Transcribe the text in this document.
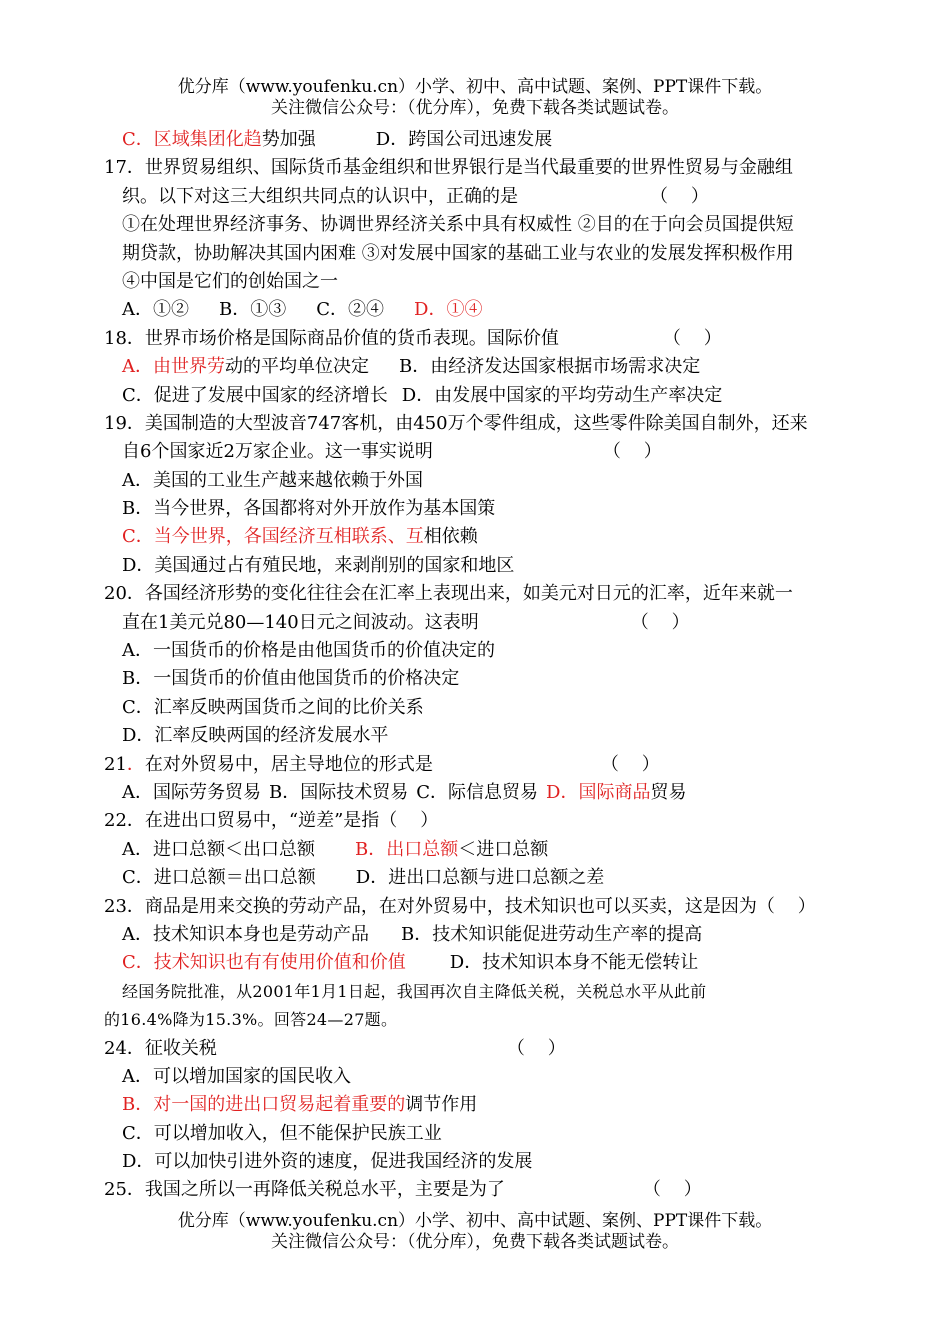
优分库（www.youfenku.cn）小学、初中、高中试题、案例、PPT课件下载。
关注微信公众号：（优分库），免费下载各类试题试卷。
C．区域集团化趋势加强	D．跨国公司迅速发展
17．世界贸易组织、国际货币基金组织和世界银行是当代最重要的世界性贸易与金融组
织。以下对这三大组织共同点的认识中，正确的是	（    ）
①在处理世界经济事务、协调世界经济关系中具有权威性 ②目的在于向会员国提供短
期贷款，协助解决其国内困难 ③对发展中国家的基础工业与农业的发展发挥积极作用
④中国是它们的创始国之一
A．①② B．①③ C．②④ D．①④
18．世界市场价格是国际商品价值的货币表现。国际价值	（    ）
A．由世界劳动的平均单位决定 B．由经济发达国家根据市场需求决定
C．促进了发展中国家的经济增长 D．由发展中国家的平均劳动生产率决定
19．美国制造的大型波音747客机，由450万个零件组成，这些零件除美国自制外，还来
自6个国家近2万家企业。这一事实说明	（    ）
A．美国的工业生产越来越依赖于外国
B．当今世界，各国都将对外开放作为基本国策
C．当今世界，各国经济互相联系、互相依赖
D．美国通过占有殖民地，来剥削别的国家和地区
20．各国经济形势的变化往往会在汇率上表现出来，如美元对日元的汇率，近年来就一
直在1美元兑80—140日元之间波动。这表明	（    ）
A．一国货币的价格是由他国货币的价值决定的
B．一国货币的价值由他国货币的价格决定
C．汇率反映两国货币之间的比价关系
D．汇率反映两国的经济发展水平
21．在对外贸易中，居主导地位的形式是	（    ）
A．国际劳务贸易 B．国际技术贸易 C．际信息贸易 D．国际商品贸易
22．在进出口贸易中，“逆差”是指（    ）
A．进口总额＜出口总额 B．出口总额＜进口总额
C．进口总额＝出口总额 D．进出口总额与进口总额之差
23．商品是用来交换的劳动产品，在对外贸易中，技术知识也可以买卖，这是因为（    ）
A．技术知识本身也是劳动产品 B．技术知识能促进劳动生产率的提高
C．技术知识也有有使用价值和价值 D．技术知识本身不能无偿转让
经国务院批准，从2001年1月1日起，我国再次自主降低关税，关税总水平从此前
的16.4%降为15.3%。回答24—27题。
24．征收关税	（    ）
A．可以增加国家的国民收入
B．对一国的进出口贸易起着重要的调节作用
C．可以增加收入，但不能保护民族工业
D．可以加快引进外资的速度，促进我国经济的发展
25．我国之所以一再降低关税总水平，主要是为了	（    ）
优分库（www.youfenku.cn）小学、初中、高中试题、案例、PPT课件下载。
关注微信公众号：（优分库），免费下载各类试题试卷。
